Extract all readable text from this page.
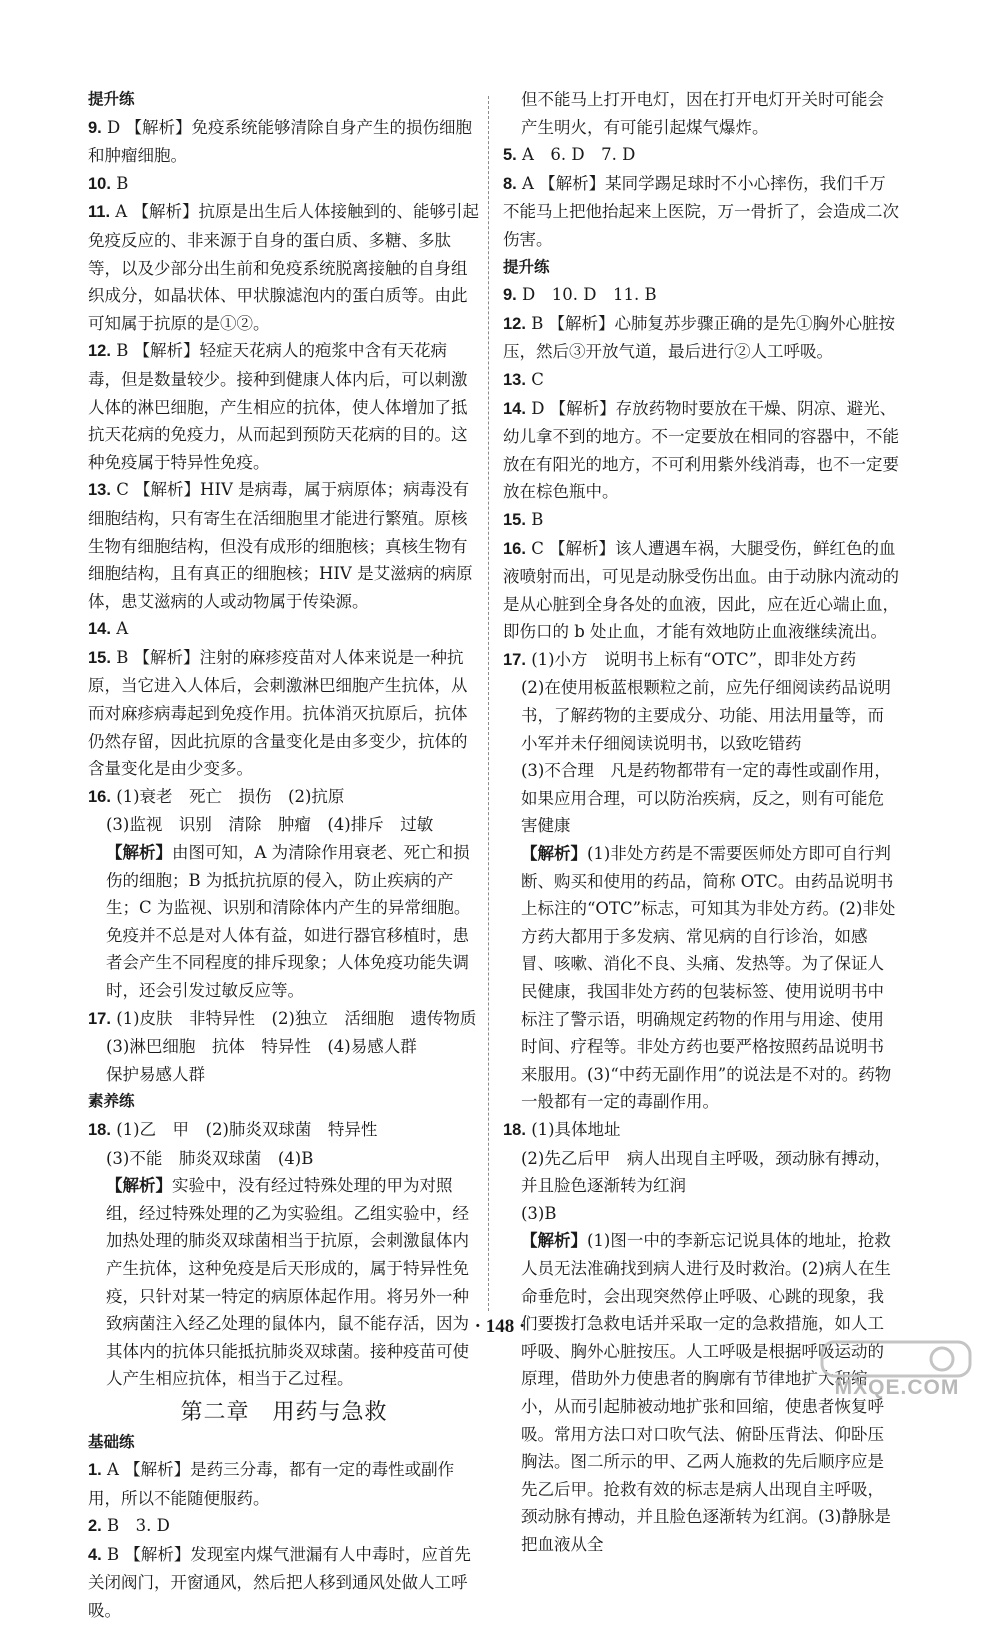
提升练
9. D 【解析】免疫系统能够清除自身产生的损伤细胞和肿瘤细胞。
10. B
11. A 【解析】抗原是出生后人体接触到的、能够引起免疫反应的、非来源于自身的蛋白质、多糖、多肽等，以及少部分出生前和免疫系统脱离接触的自身组织成分，如晶状体、甲状腺滤泡内的蛋白质等。由此可知属于抗原的是①②。
12. B 【解析】轻症天花病人的疱浆中含有天花病毒，但是数量较少。接种到健康人体内后，可以刺激人体的淋巴细胞，产生相应的抗体，使人体增加了抵抗天花病的免疫力，从而起到预防天花病的目的。这种免疫属于特异性免疫。
13. C 【解析】HIV 是病毒，属于病原体；病毒没有细胞结构，只有寄生在活细胞里才能进行繁殖。原核生物有细胞结构，但没有成形的细胞核；真核生物有细胞结构，且有真正的细胞核；HIV 是艾滋病的病原体，患艾滋病的人或动物属于传染源。
14. A
15. B 【解析】注射的麻疹疫苗对人体来说是一种抗原，当它进入人体后，会刺激淋巴细胞产生抗体，从而对麻疹病毒起到免疫作用。抗体消灭抗原后，抗体仍然存留，因此抗原的含量变化是由多变少，抗体的含量变化是由少变多。
16. (1)衰老　死亡　损伤　(2)抗原
(3)监视　识别　清除　肿瘤　(4)排斥　过敏
【解析】由图可知，A 为清除作用衰老、死亡和损伤的细胞；B 为抵抗抗原的侵入，防止疾病的产生；C 为监视、识别和清除体内产生的异常细胞。免疫并不总是对人体有益，如进行器官移植时，患者会产生不同程度的排斥现象；人体免疫功能失调时，还会引发过敏反应等。
17. (1)皮肤　非特异性　(2)独立　活细胞　遗传物质
(3)淋巴细胞　抗体　特异性　(4)易感人群
保护易感人群
素养练
18. (1)乙　甲　(2)肺炎双球菌　特异性
(3)不能　肺炎双球菌　(4)B
【解析】实验中，没有经过特殊处理的甲为对照组，经过特殊处理的乙为实验组。乙组实验中，经加热处理的肺炎双球菌相当于抗原，会刺激鼠体内产生抗体，这种免疫是后天形成的，属于特异性免疫，只针对某一特定的病原体起作用。将另外一种致病菌注入经乙处理的鼠体内，鼠不能存活，因为其体内的抗体只能抵抗肺炎双球菌。接种疫苗可使人产生相应抗体，相当于乙过程。
第二章　用药与急救
基础练
1. A 【解析】是药三分毒，都有一定的毒性或副作用，所以不能随便服药。
2. B　3. D
4. B 【解析】发现室内煤气泄漏有人中毒时，应首先关闭阀门，开窗通风，然后把人移到通风处做人工呼吸。
但不能马上打开电灯，因在打开电灯开关时可能会产生明火，有可能引起煤气爆炸。
5. A　6. D　7. D
8. A 【解析】某同学踢足球时不小心摔伤，我们千万不能马上把他抬起来上医院，万一骨折了，会造成二次伤害。
提升练
9. D　10. D　11. B
12. B 【解析】心肺复苏步骤正确的是先①胸外心脏按压，然后③开放气道，最后进行②人工呼吸。
13. C
14. D 【解析】存放药物时要放在干燥、阴凉、避光、幼儿拿不到的地方。不一定要放在相同的容器中，不能放在有阳光的地方，不可利用紫外线消毒，也不一定要放在棕色瓶中。
15. B
16. C 【解析】该人遭遇车祸，大腿受伤，鲜红色的血液喷射而出，可见是动脉受伤出血。由于动脉内流动的是从心脏到全身各处的血液，因此，应在近心端止血，即伤口的 b 处止血，才能有效地防止血液继续流出。
17. (1)小方　说明书上标有“OTC”，即非处方药
(2)在使用板蓝根颗粒之前，应先仔细阅读药品说明书，了解药物的主要成分、功能、用法用量等，而小军并未仔细阅读说明书，以致吃错药
(3)不合理　凡是药物都带有一定的毒性或副作用，如果应用合理，可以防治疾病，反之，则有可能危害健康
【解析】(1)非处方药是不需要医师处方即可自行判断、购买和使用的药品，简称 OTC。由药品说明书上标注的“OTC”标志，可知其为非处方药。(2)非处方药大都用于多发病、常见病的自行诊治，如感冒、咳嗽、消化不良、头痛、发热等。为了保证人民健康，我国非处方药的包装标签、使用说明书中标注了警示语，明确规定药物的作用与用途、使用时间、疗程等。非处方药也要严格按照药品说明书来服用。(3)“中药无副作用”的说法是不对的。药物一般都有一定的毒副作用。
18. (1)具体地址
(2)先乙后甲　病人出现自主呼吸，颈动脉有搏动，并且脸色逐渐转为红润
(3)B
【解析】(1)图一中的李新忘记说具体的地址，抢救人员无法准确找到病人进行及时救治。(2)病人在生命垂危时，会出现突然停止呼吸、心跳的现象，我们要拨打急救电话并采取一定的急救措施，如人工呼吸、胸外心脏按压。人工呼吸是根据呼吸运动的原理，借助外力使患者的胸廓有节律地扩大和缩小，从而引起肺被动地扩张和回缩，使患者恢复呼吸。常用方法口对口吹气法、俯卧压背法、仰卧压胸法。图二所示的甲、乙两人施救的先后顺序应是先乙后甲。抢救有效的标志是病人出现自主呼吸，颈动脉有搏动，并且脸色逐渐转为红润。(3)静脉是把血液从全
· 148 ·
MXQE.COM
